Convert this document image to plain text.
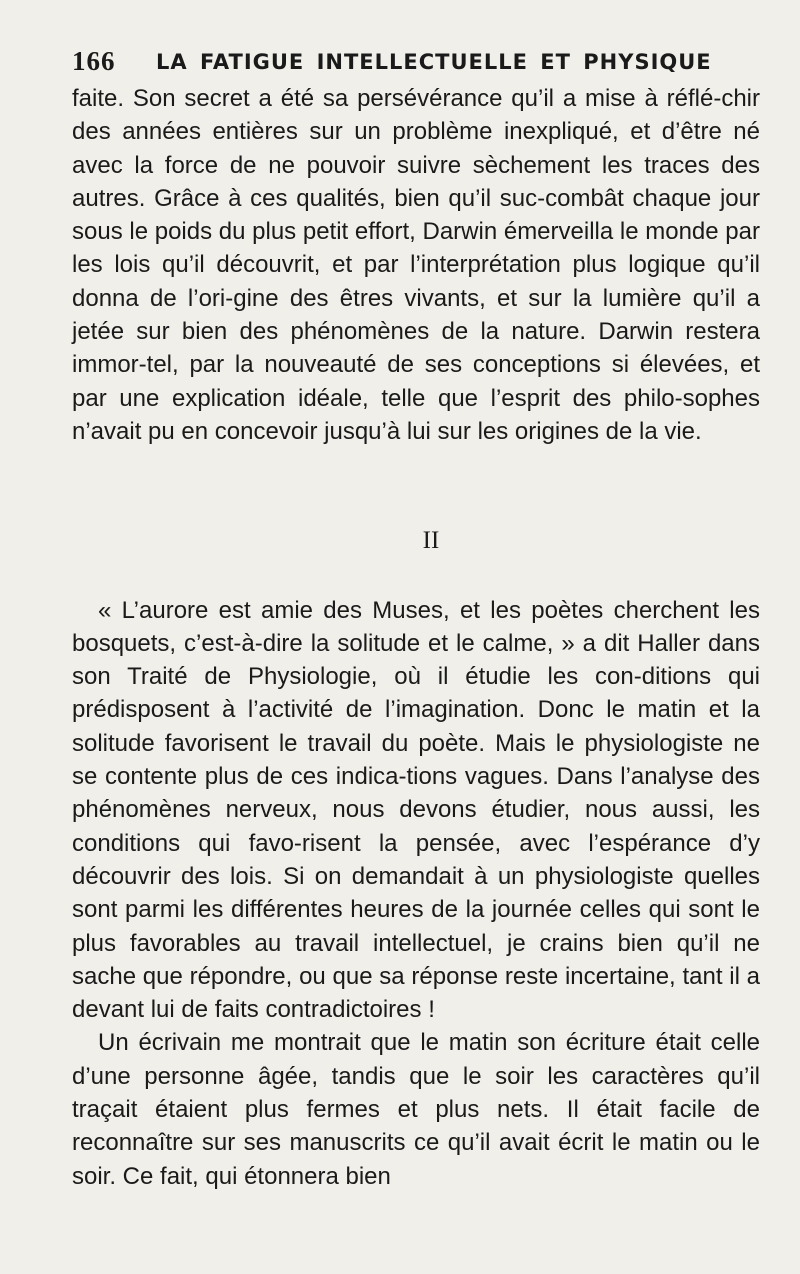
166 LA FATIGUE INTELLECTUELLE ET PHYSIQUE

faite. Son secret a été sa persévérance qu’il a mise à réflé-chir des années entières sur un problème inexpliqué, et d’être né avec la force de ne pouvoir suivre sèchement les traces des autres. Grâce à ces qualités, bien qu’il suc-combât chaque jour sous le poids du plus petit effort, Darwin émerveilla le monde par les lois qu’il découvrit, et par l’interprétation plus logique qu’il donna de l’ori-gine des êtres vivants, et sur la lumière qu’il a jetée sur bien des phénomènes de la nature. Darwin restera immor-tel, par la nouveauté de ses conceptions si élevées, et par une explication idéale, telle que l’esprit des philo-sophes n’avait pu en concevoir jusqu’à lui sur les origines de la vie.

II

« L’aurore est amie des Muses, et les poètes cherchent les bosquets, c’est-à-dire la solitude et le calme, » a dit Haller dans son Traité de Physiologie, où il étudie les con-ditions qui prédisposent à l’activité de l’imagination. Donc le matin et la solitude favorisent le travail du poète. Mais le physiologiste ne se contente plus de ces indica-tions vagues. Dans l’analyse des phénomènes nerveux, nous devons étudier, nous aussi, les conditions qui favo-risent la pensée, avec l’espérance d’y découvrir des lois. Si on demandait à un physiologiste quelles sont parmi les différentes heures de la journée celles qui sont le plus favorables au travail intellectuel, je crains bien qu’il ne sache que répondre, ou que sa réponse reste incertaine, tant il a devant lui de faits contradictoires !

Un écrivain me montrait que le matin son écriture était celle d’une personne âgée, tandis que le soir les caractères qu’il traçait étaient plus fermes et plus nets. Il était facile de reconnaître sur ses manuscrits ce qu’il avait écrit le matin ou le soir. Ce fait, qui étonnera bien
